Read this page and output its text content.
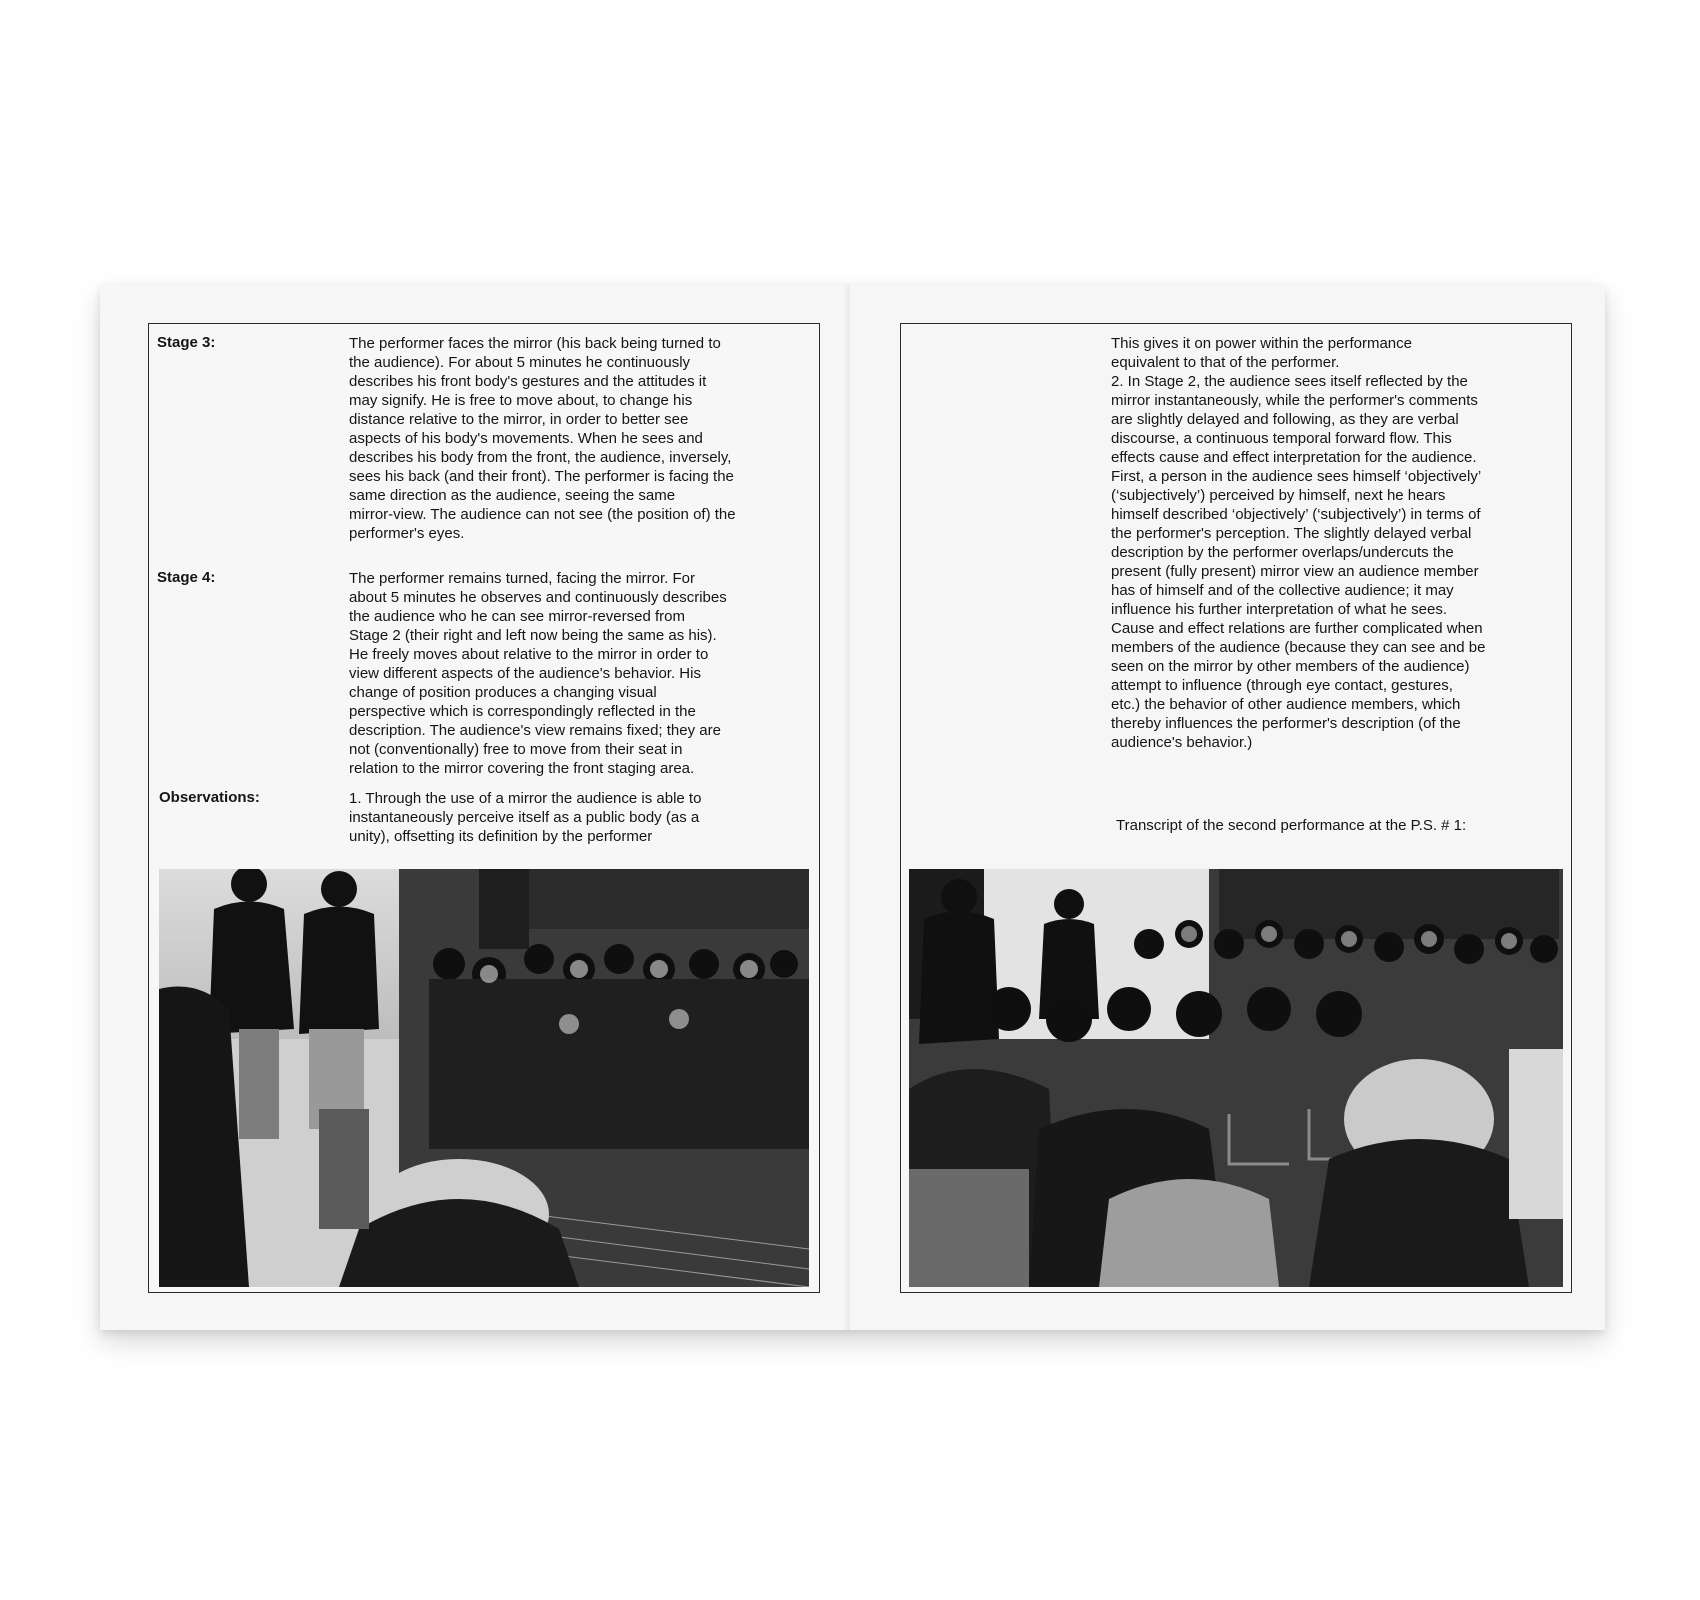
Stage 3:	The performer faces the mirror (his back being turned to
the audience). For about 5 minutes he continuously
describes his front body's gestures and the attitudes it
may signify. He is free to move about, to change his
distance relative to the mirror, in order to better see
aspects of his body's movements. When he sees and
describes his body from the front, the audience, inversely,
sees his back (and their front). The performer is facing the
same direction as the audience, seeing the same
mirror-view. The audience can not see (the position of) the
performer's eyes.
Stage 4:	The performer remains turned, facing the mirror. For
about 5 minutes he observes and continuously describes
the audience who he can see mirror-reversed from
Stage 2 (their right and left now being the same as his).
He freely moves about relative to the mirror in order to
view different aspects of the audience's behavior. His
change of position produces a changing visual
perspective which is correspondingly reflected in the
description. The audience's view remains fixed; they are
not (conventionally) free to move from their seat in
relation to the mirror covering the front staging area.
Observations:	1. Through the use of a mirror the audience is able to
instantaneously perceive itself as a public body (as a
unity), offsetting its definition by the performer
This gives it on power within the performance
equivalent to that of the performer.
2. In Stage 2, the audience sees itself reflected by the
mirror instantaneously, while the performer's comments
are slightly delayed and following, as they are verbal
discourse, a continuous temporal forward flow. This
effects cause and effect interpretation for the audience.
First, a person in the audience sees himself ‘objectively’
(‘subjectively’) perceived by himself, next he hears
himself described ‘objectively’ (‘subjectively’) in terms of
the performer's perception. The slightly delayed verbal
description by the performer overlaps/undercuts the
present (fully present) mirror view an audience member
has of himself and of the collective audience; it may
influence his further interpretation of what he sees.
Cause and effect relations are further complicated when
members of the audience (because they can see and be
seen on the mirror by other members of the audience)
attempt to influence (through eye contact, gestures,
etc.) the behavior of other audience members, which
thereby influences the performer's description (of the
audience's behavior.)
Transcript of the second performance at the P.S. # 1:
